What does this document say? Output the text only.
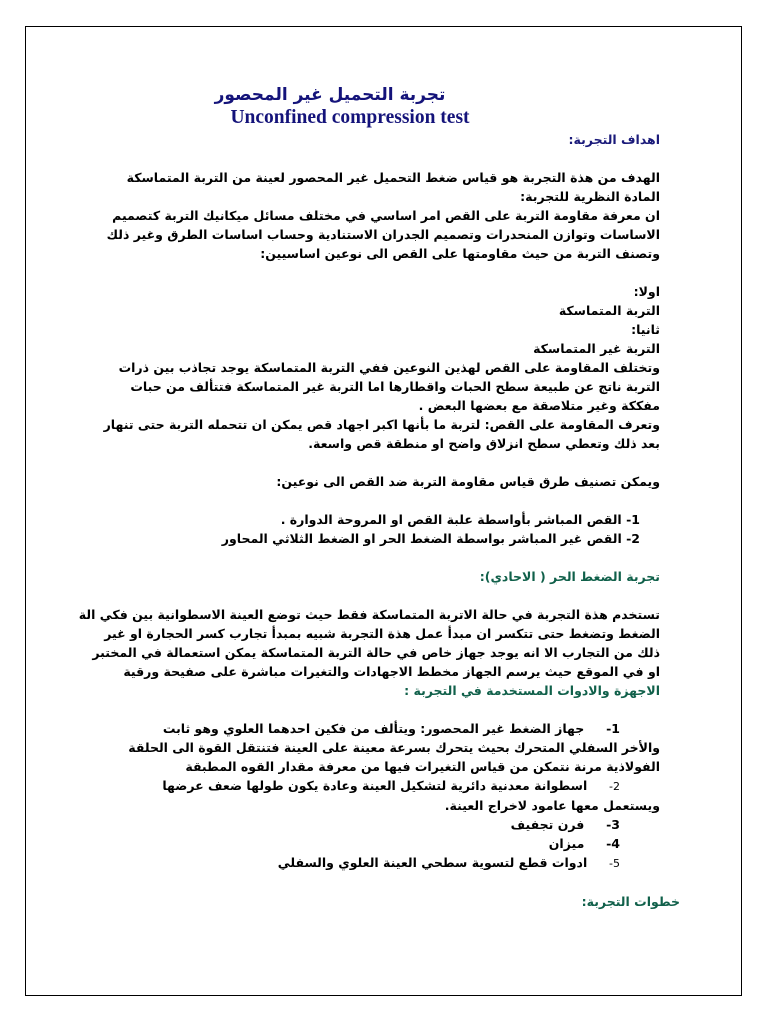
تجربة التحميل غير المحصور
Unconfined compression test

اهداف التجربة:

الهدف من هذة التجربة هو قياس ضغط التحميل غير المحصور لعينة من التربة المتماسكة

المادة النظرية للتجربة:

ان معرفة مقاومة التربة على القص امر اساسي في مختلف مسائل ميكانيك التربة كتصميم

الاساسات وتوازن المنحدرات وتصميم الجدران الاستنادية وحساب اساسات الطرق وغير ذلك

وتصنف التربة من حيث مقاومتها على القص الى نوعين اساسيين:

اولا:

التربة المتماسكة

ثانيا:

التربة غير المتماسكة

وتختلف المقاومة على القص لهذين النوعين ففي التربة المتماسكة يوجد تجاذب بين ذرات

التربة ناتج عن طبيعة سطح الحبات واقطارها اما التربة غير المتماسكة فتتألف من حبات

مفككة وغير متلاصقة مع بعضها البعض .

وتعرف المقاومة على القص: لتربة ما بأنها اكبر اجهاد قص يمكن ان تتحمله التربة حتى تنهار

بعد ذلك وتعطي سطح انزلاق واضح او منطقة قص واسعة.

ويمكن تصنيف طرق قياس مقاومة التربة ضد القص الى نوعين:

1- القص المباشر بأواسطة علبة القص او المروحة الدوارة .

2- القص غير المباشر بواسطة الضغط الحر او الضغط الثلاثي المحاور

تجربة الضغط الحر ( الاحادي):

تستخدم هذة التجربة في حالة الاتربة المتماسكة فقط حيث توضع العينة الاسطوانية بين فكي الة

الضغط وتضغط حتى تتكسر ان مبدأ عمل هذة التجربة شبيه بمبدأ تجارب كسر الحجارة او غير

ذلك من التجارب الا انه يوجد جهاز خاص في حالة التربة المتماسكة يمكن استعمالة في المختبر

او في الموقع حيث يرسم الجهاز مخطط الاجهادات والتغيرات مباشرة على صفيحة ورقية

الاجهزة والادوات المستخدمة في التجربة :

1-     جهاز الضغط غير المحصور: ويتألف من فكين احدهما العلوي وهو ثابت

والأخر السفلي المتحرك بحيث يتحرك بسرعة معينة على العينة فتنتقل القوة الى الحلقة

الفولاذية مرنة نتمكن من قياس التغيرات فيها من معرفة مقدار القوه المطبقة

2-     اسطوانة معدنية دائرية لتشكيل العينة وعادة يكون طولها ضعف عرضها

ويستعمل معها عامود لاخراج العينة.

3-     فرن تجفيف

4-     ميزان

5-     ادوات قطع لتسوية سطحي العينة العلوي والسفلي

خطوات التجربة:
